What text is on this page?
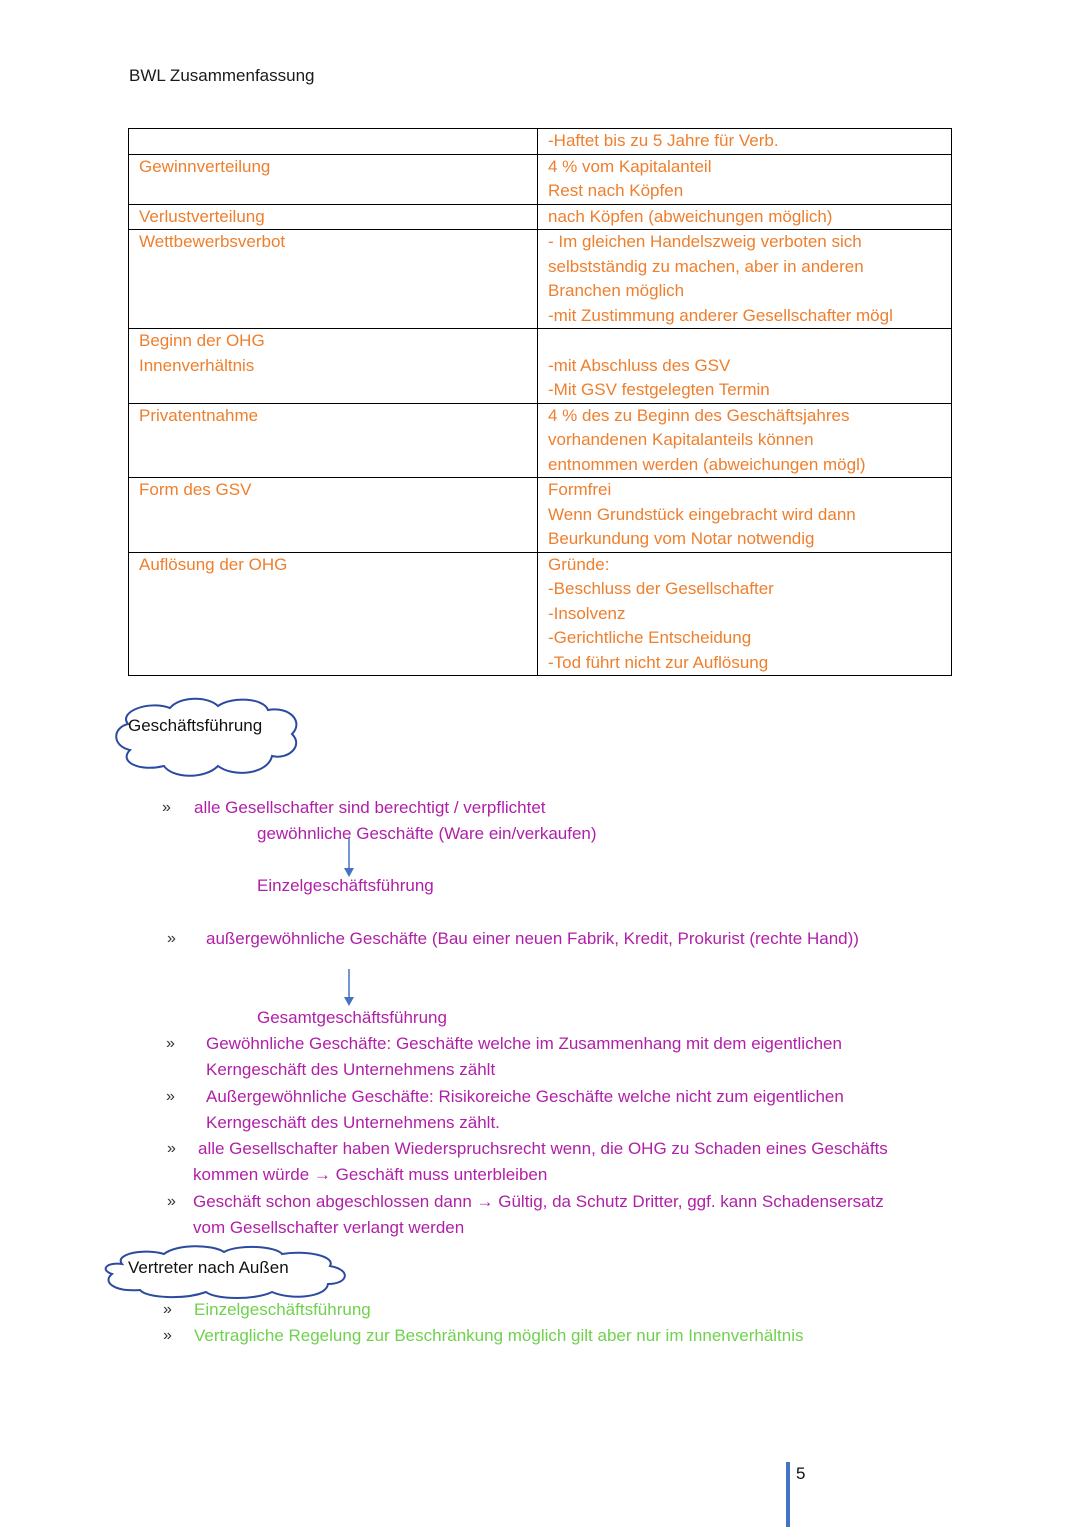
BWL Zusammenfassung

	-Haftet bis zu 5 Jahre für Verb.

Gewinnverteilung	4 % vom Kapitalanteil
Rest nach Köpfen

Verlustverteilung	nach Köpfen (abweichungen möglich)

Wettbewerbsverbot	- Im gleichen Handelszweig verboten sich
selbstständig zu machen, aber in anderen
Branchen möglich
-mit Zustimmung anderer Gesellschafter mögl

Beginn der OHG
Innenverhältnis	-mit Abschluss des GSV
-Mit GSV festgelegten Termin

Privatentnahme	4 % des zu Beginn des Geschäftsjahres
vorhandenen Kapitalanteils können
entnommen werden (abweichungen mögl)

Form des GSV	Formfrei
Wenn Grundstück eingebracht wird dann
Beurkundung vom Notar notwendig

Auflösung der OHG	Gründe:
-Beschluss der Gesellschafter
-Insolvenz
-Gerichtliche Entscheidung
-Tod führt nicht zur Auflösung
Geschäftsführung
» alle Gesellschafter sind berechtigt / verpflichtet
gewöhnliche Geschäfte (Ware ein/verkaufen)
Einzelgeschäftsführung
» außergewöhnliche Geschäfte (Bau einer neuen Fabrik, Kredit, Prokurist (rechte Hand))
Gesamtgeschäftsführung
» Gewöhnliche Geschäfte: Geschäfte welche im Zusammenhang mit dem eigentlichen
Kerngeschäft des Unternehmens zählt
» Außergewöhnliche Geschäfte: Risikoreiche Geschäfte welche nicht zum eigentlichen
Kerngeschäft des Unternehmens zählt.
» alle Gesellschafter haben Wiederspruchsrecht wenn, die OHG zu Schaden eines Geschäfts
kommen würde → Geschäft muss unterbleiben
» Geschäft schon abgeschlossen dann → Gültig, da Schutz Dritter, ggf. kann Schadensersatz
vom Gesellschafter verlangt werden
Vertreter nach Außen
» Einzelgeschäftsführung
» Vertragliche Regelung zur Beschränkung möglich gilt aber nur im Innenverhältnis
5
